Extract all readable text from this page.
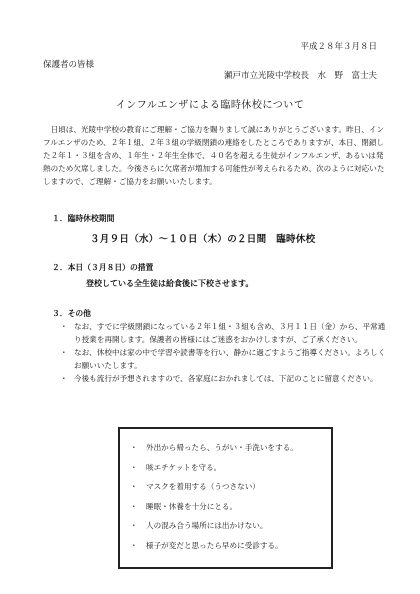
平成２８年３月８日
保護者の皆様
瀬戸市立光陵中学校長　水　野　富士夫
インフルエンザによる臨時休校について

日頃は、光陵中学校の教育にご理解・ご協力を賜りまして誠にありがとうございます。昨日、インフルエンザのため、２年１組、２年３組の学級閉鎖の連絡をしたところでありますが、本日、閉鎖した２年１・３組を含め、１年生・２年生全体で、４０名を超える生徒がインフルエンザ、あるいは発熱のため欠席しました。今後さらに欠席者が増加する可能性が考えられるため、次のように対応いたしますので、ご理解・ご協力をお願いいたします。

１．臨時休校期間
３月９日（水）～１０日（木）の２日間　臨時休校
２．本日（３月８日）の措置
登校している全生徒は給食後に下校させます。
３．その他
・ なお、すでに学級閉鎖になっている２年１組・３組も含め、３月１１日（金）から、平常通り授業を再開します。保護者の皆様にはご迷惑をおかけしますが、ご了承ください。
・ なお、休校中は家の中で学習や読書等を行い、静かに過ごすようご指導ください。よろしくお願いいたします。
・ 今後も流行が予想されますので、各家庭におかれましては、下記のことに留意ください。
・ 外出から帰ったら、うがい・手洗いをする。
・ 咳エチケットを守る。
・ マスクを着用する（うつさない）
・ 睡眠・休養を十分にとる。
・ 人の混み合う場所には出かけない。
・ 様子が変だと思ったら早めに受診する。
